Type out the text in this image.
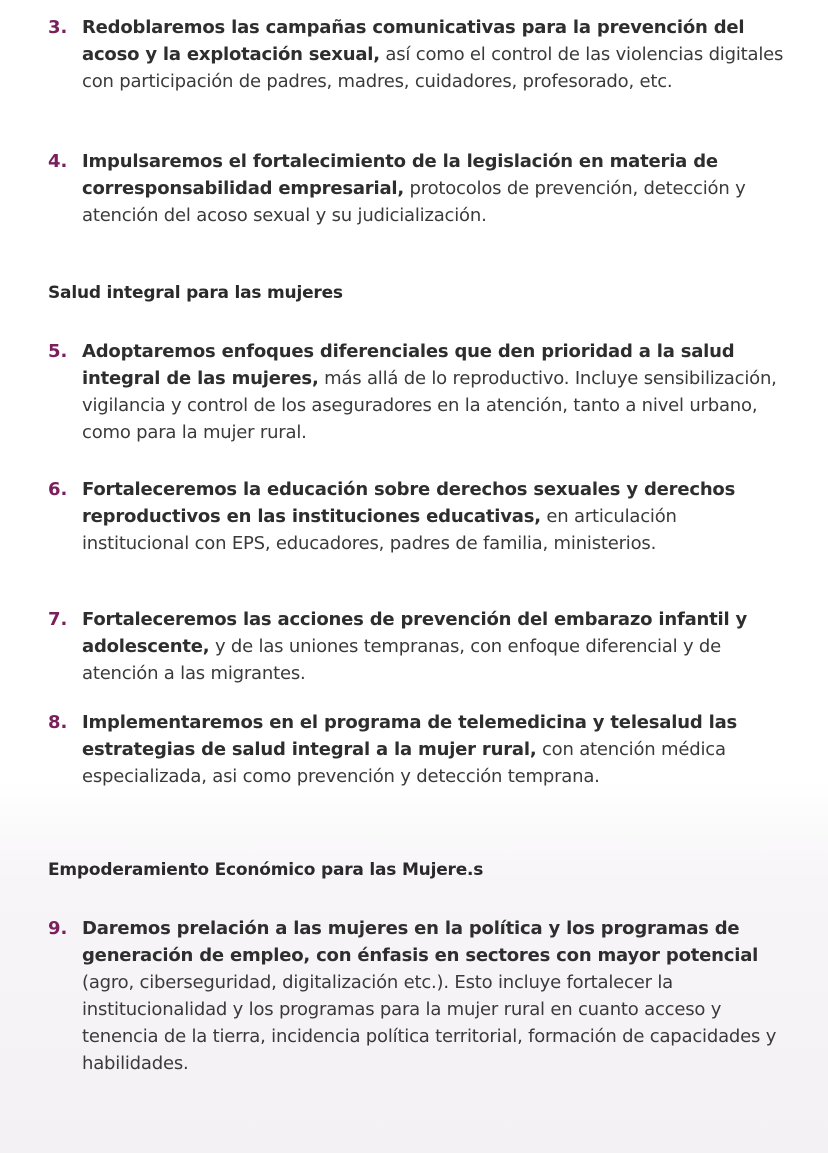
3. Redoblaremos las campañas comunicativas para la prevención del acoso y la explotación sexual, así como el control de las violencias digitales con participación de padres, madres, cuidadores, profesorado, etc.
4. Impulsaremos el fortalecimiento de la legislación en materia de corresponsabilidad empresarial, protocolos de prevención, detección y atención del acoso sexual y su judicialización.
Salud integral para las mujeres
5. Adoptaremos enfoques diferenciales que den prioridad a la salud integral de las mujeres, más allá de lo reproductivo. Incluye sensibilización, vigilancia y control de los aseguradores en la atención, tanto a nivel urbano, como para la mujer rural.
6. Fortaleceremos la educación sobre derechos sexuales y derechos reproductivos en las instituciones educativas, en articulación institucional con EPS, educadores, padres de familia, ministerios.
7. Fortaleceremos las acciones de prevención del embarazo infantil y adolescente, y de las uniones tempranas, con enfoque diferencial y de atención a las migrantes.
8. Implementaremos en el programa de telemedicina y telesalud las estrategias de salud integral a la mujer rural, con atención médica especializada, asi como prevención y detección temprana.
Empoderamiento Económico para las Mujere.s
9. Daremos prelación a las mujeres en la política y los programas de generación de empleo, con énfasis en sectores con mayor potencial (agro, ciberseguridad, digitalización etc.). Esto incluye fortalecer la institucionalidad y los programas para la mujer rural en cuanto acceso y tenencia de la tierra, incidencia política territorial, formación de capacidades y habilidades.
